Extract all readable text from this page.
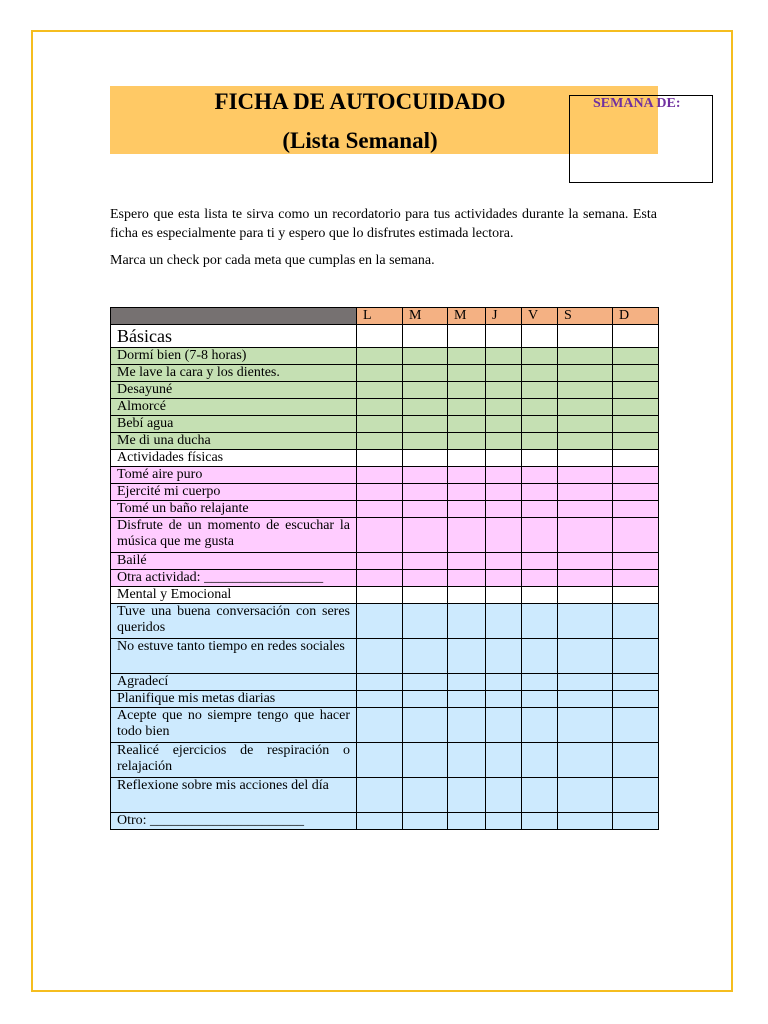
FICHA DE AUTOCUIDADO
(Lista Semanal)
SEMANA DE:
Espero que esta lista te sirva como un recordatorio para tus actividades durante la semana. Esta ficha es especialmente para ti y espero que lo disfrutes estimada lectora.
Marca un check por cada meta que cumplas en la semana.
	L	M	M	J	V	S	D
Básicas							
Dormí bien (7-8 horas)							
Me lave la cara y los dientes.							
Desayuné							
Almorcé							
Bebí agua							
Me di una ducha							
Actividades físicas							
Tomé aire puro							
Ejercité mi cuerpo							
Tomé un baño relajante							
Disfrute de un momento de escuchar la música que me gusta							
Bailé							
Otra actividad: _________________							
Mental y Emocional							
Tuve una buena conversación con seres queridos							
No estuve tanto tiempo en redes sociales							
Agradecí							
Planifique mis metas diarias							
Acepte que no siempre tengo que hacer todo bien							
Realicé ejercicios de respiración o relajación							
Reflexione sobre mis acciones del día							
Otro: ______________________							
